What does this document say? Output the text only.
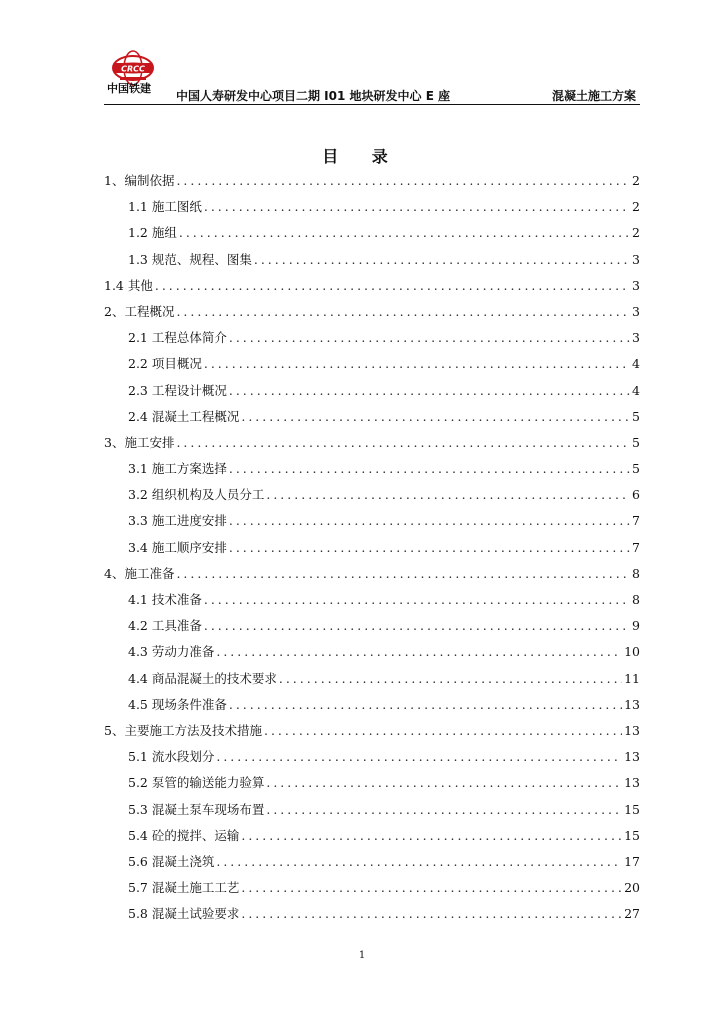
CRCC
中国铁建
中国人寿研发中心项目二期 I01 地块研发中心 E 座	混凝土施工方案
目 录
1、编制依据 .....	2
1.1 施工图纸 .....	2
1.2 施组 .....	2
1.3 规范、规程、图集 .....	3
1.4 其他 .....	3
2、工程概况 .....	3
2.1 工程总体简介 .....	3
2.2 项目概况 .....	4
2.3 工程设计概况 .....	4
2.4 混凝土工程概况 .....	5
3、施工安排 .....	5
3.1 施工方案选择 .....	5
3.2 组织机构及人员分工 .....	6
3.3 施工进度安排 .....	7
3.4 施工顺序安排 .....	7
4、施工准备 .....	8
4.1 技术准备 .....	8
4.2 工具准备 .....	9
4.3 劳动力准备 .....	10
4.4 商品混凝土的技术要求 .....	11
4.5 现场条件准备 .....	13
5、主要施工方法及技术措施 .....	13
5.1 流水段划分 .....	13
5.2 泵管的输送能力验算 .....	13
5.3 混凝土泵车现场布置 .....	15
5.4 砼的搅拌、运输 .....	15
5.6 混凝土浇筑 .....	17
5.7 混凝土施工工艺 .....	20
5.8 混凝土试验要求 .....	27
1
